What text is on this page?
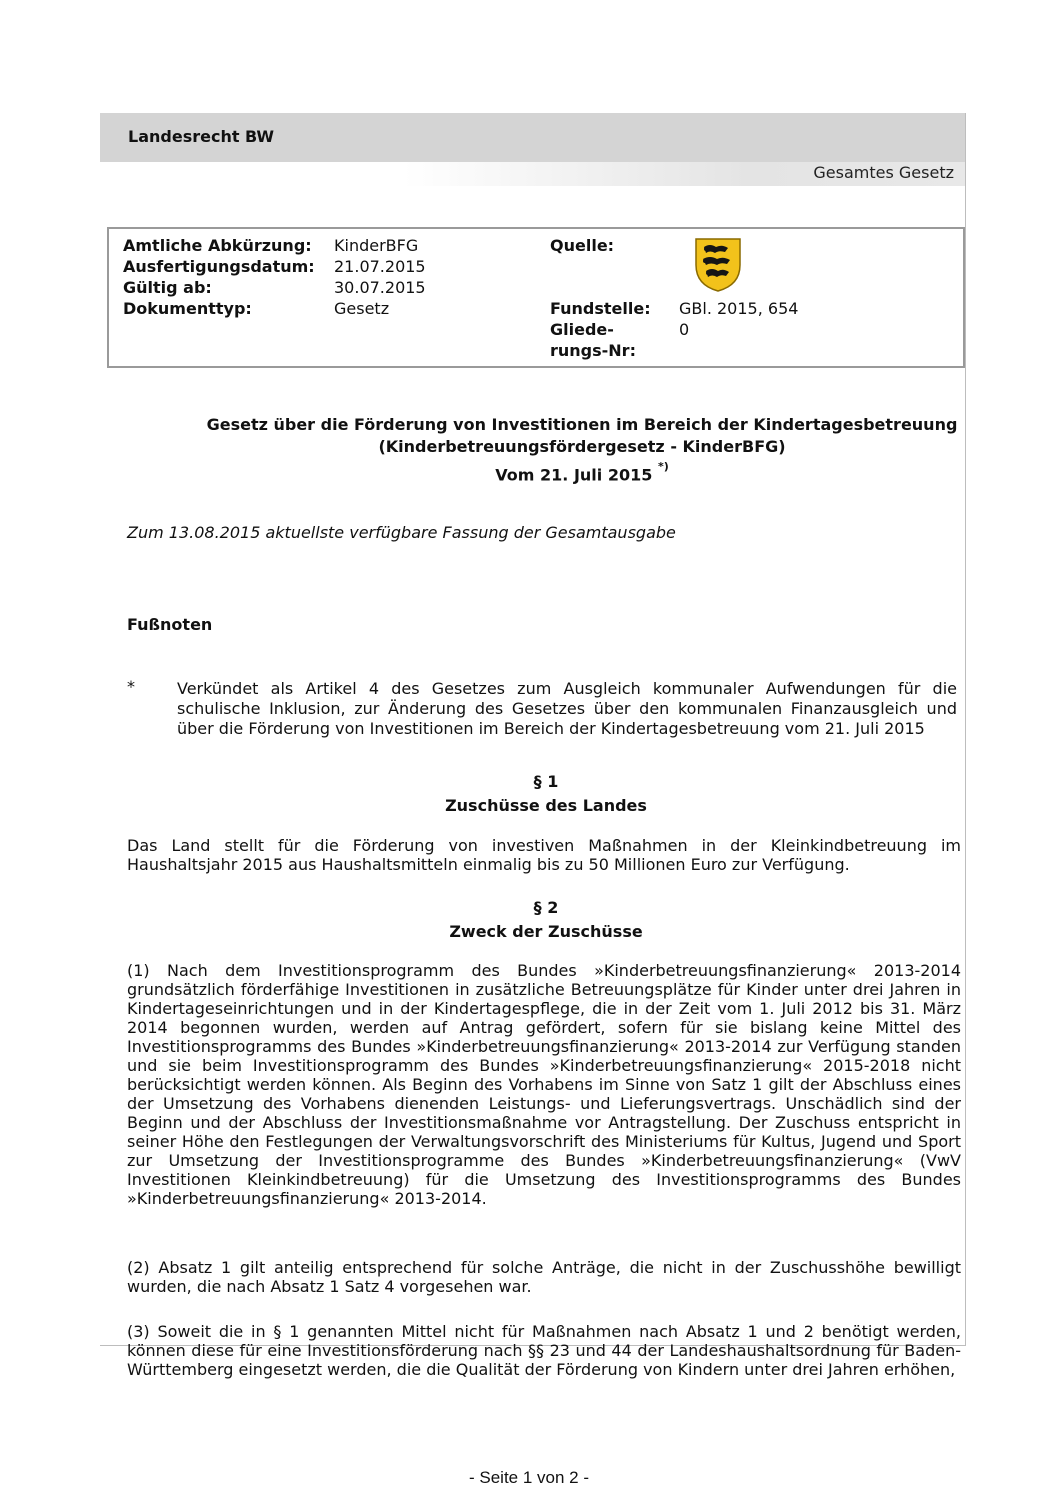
Landesrecht BW
Gesamtes Gesetz
Amtliche Abkürzung: KinderBFG
Ausfertigungsdatum: 21.07.2015
Gültig ab:	30.07.2015
Dokumenttyp:	Gesetz
Quelle:
Fundstelle: GBl. 2015, 654
Gliede-
rungs-Nr:
0
Gesetz über die Förderung von Investitionen im Bereich der Kindertagesbetreuung
(Kinderbetreuungsfördergesetz - KinderBFG)
Vom 21. Juli 2015 *)
Zum 13.08.2015 aktuellste verfügbare Fassung der Gesamtausgabe
Fußnoten
*	Verkündet als Artikel 4 des Gesetzes zum Ausgleich kommunaler Aufwendungen für die schulische Inklusion, zur Änderung des Gesetzes über den kommunalen Finanzausgleich und über die Förderung von Investitionen im Bereich der Kindertagesbetreuung vom 21. Juli 2015
§ 1
Zuschüsse des Landes
Das Land stellt für die Förderung von investiven Maßnahmen in der Kleinkindbetreuung im Haushaltsjahr 2015 aus Haushaltsmitteln einmalig bis zu 50 Millionen Euro zur Verfügung.
§ 2
Zweck der Zuschüsse
(1) Nach dem Investitionsprogramm des Bundes »Kinderbetreuungsfinanzierung« 2013-2014 grundsätzlich förderfähige Investitionen in zusätzliche Betreuungsplätze für Kinder unter drei Jahren in Kindertageseinrichtungen und in der Kindertagespflege, die in der Zeit vom 1. Juli 2012 bis 31. März 2014 begonnen wurden, werden auf Antrag gefördert, sofern für sie bislang keine Mittel des Investitionsprogramms des Bundes »Kinderbetreuungsfinanzierung« 2013-2014 zur Verfügung standen und sie beim Investitionsprogramm des Bundes »Kinderbetreuungsfinanzierung« 2015-2018 nicht berücksichtigt werden können. Als Beginn des Vorhabens im Sinne von Satz 1 gilt der Abschluss eines der Umsetzung des Vorhabens dienenden Leistungs- und Lieferungsvertrags. Unschädlich sind der Beginn und der Abschluss der Investitionsmaßnahme vor Antragstellung. Der Zuschuss entspricht in seiner Höhe den Festlegungen der Verwaltungsvorschrift des Ministeriums für Kultus, Jugend und Sport zur Umsetzung der Investitionsprogramme des Bundes »Kinderbetreuungsfinanzierung« (VwV Investitionen Kleinkindbetreuung) für die Umsetzung des Investitionsprogramms des Bundes »Kinderbetreuungsfinanzierung« 2013-2014.
(2) Absatz 1 gilt anteilig entsprechend für solche Anträge, die nicht in der Zuschusshöhe bewilligt wurden, die nach Absatz 1 Satz 4 vorgesehen war.
(3) Soweit die in § 1 genannten Mittel nicht für Maßnahmen nach Absatz 1 und 2 benötigt werden, können diese für eine Investitionsförderung nach §§ 23 und 44 der Landeshaushaltsordnung für Baden-Württemberg eingesetzt werden, die die Qualität der Förderung von Kindern unter drei Jahren erhöhen,
- Seite 1 von 2 -
